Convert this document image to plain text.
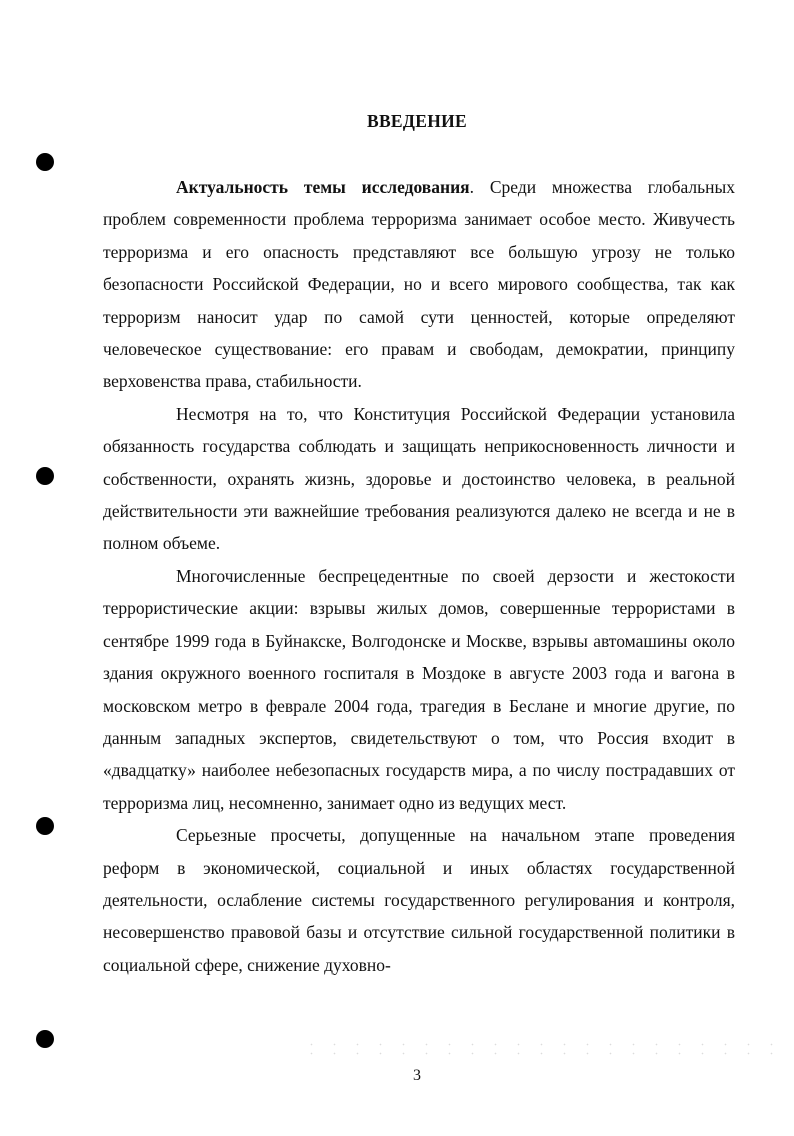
ВВЕДЕНИЕ

Актуальность темы исследования. Среди множества глобальных проблем современности проблема терроризма занимает особое место. Живучесть терроризма и его опасность представляют все большую угрозу не только безопасности Российской Федерации, но и всего мирового сообщества, так как терроризм наносит удар по самой сути ценностей, которые определяют человеческое существование: его правам и свободам, демократии, принципу верховенства права, стабильности.

Несмотря на то, что Конституция Российской Федерации установила обязанность государства соблюдать и защищать неприкосновенность личности и собственности, охранять жизнь, здоровье и достоинство человека, в реальной действительности эти важнейшие требования реализуются далеко не всегда и не в полном объеме.

Многочисленные беспрецедентные по своей дерзости и жестокости террористические акции: взрывы жилых домов, совершенные террористами в сентябре 1999 года в Буйнакске, Волгодонске и Москве, взрывы автомашины около здания окружного военного госпиталя в Моздоке в августе 2003 года и вагона в московском метро в феврале 2004 года, трагедия в Беслане и многие другие, по данным западных экспертов, свидетельствуют о том, что Россия входит в «двадцатку» наиболее небезопасных государств мира, а по числу пострадавших от терроризма лиц, несомненно, занимает одно из ведущих мест.

Серьезные просчеты, допущенные на начальном этапе проведения реформ в экономической, социальной и иных областях государственной деятельности, ослабление системы государственного регулирования и контроля, несовершенство правовой базы и отсутствие сильной государственной политики в социальной сфере, снижение духовно-

3
